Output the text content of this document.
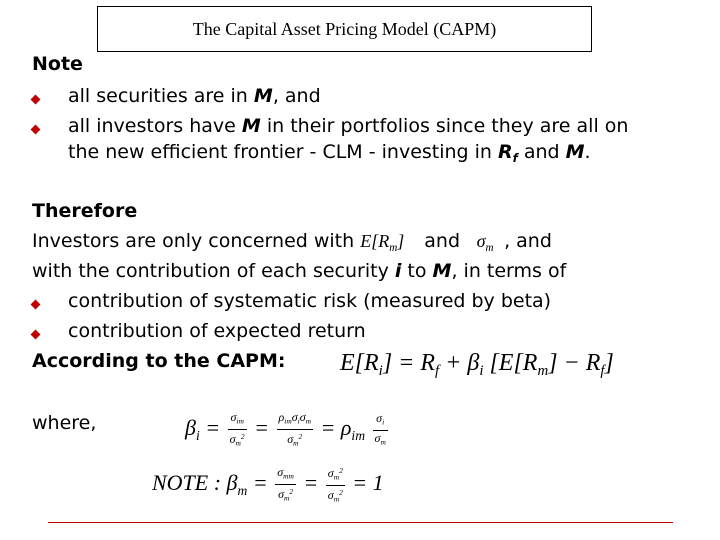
The Capital Asset Pricing Model (CAPM)
Note
all securities are in M, and
all investors have M in their portfolios since they are all on
the new efficient frontier - CLM - investing in $R_f$ and M.
Therefore
Investors are only concerned with $E[R_m]$ and $\sigma_m$ , and
with the contribution of each security i to M, in terms of
contribution of systematic risk (measured by beta)
contribution of expected return
According to the CAPM: $E[R_i] = R_f + \beta_i$ $[E[R_m] - R_f]$
where,	$\beta_i = \frac{\sigma_{im}}{\sigma_m^2} = \frac{\rho_{im}\sigma_i\sigma_m}{\sigma_m^2} = \rho_{im} \frac{\sigma_i}{\sigma_m}$
NOTE : $\beta_m = \frac{\sigma_{mm}}{\sigma_m^2} = \frac{\sigma_m^2}{\sigma_m^2} = 1$
